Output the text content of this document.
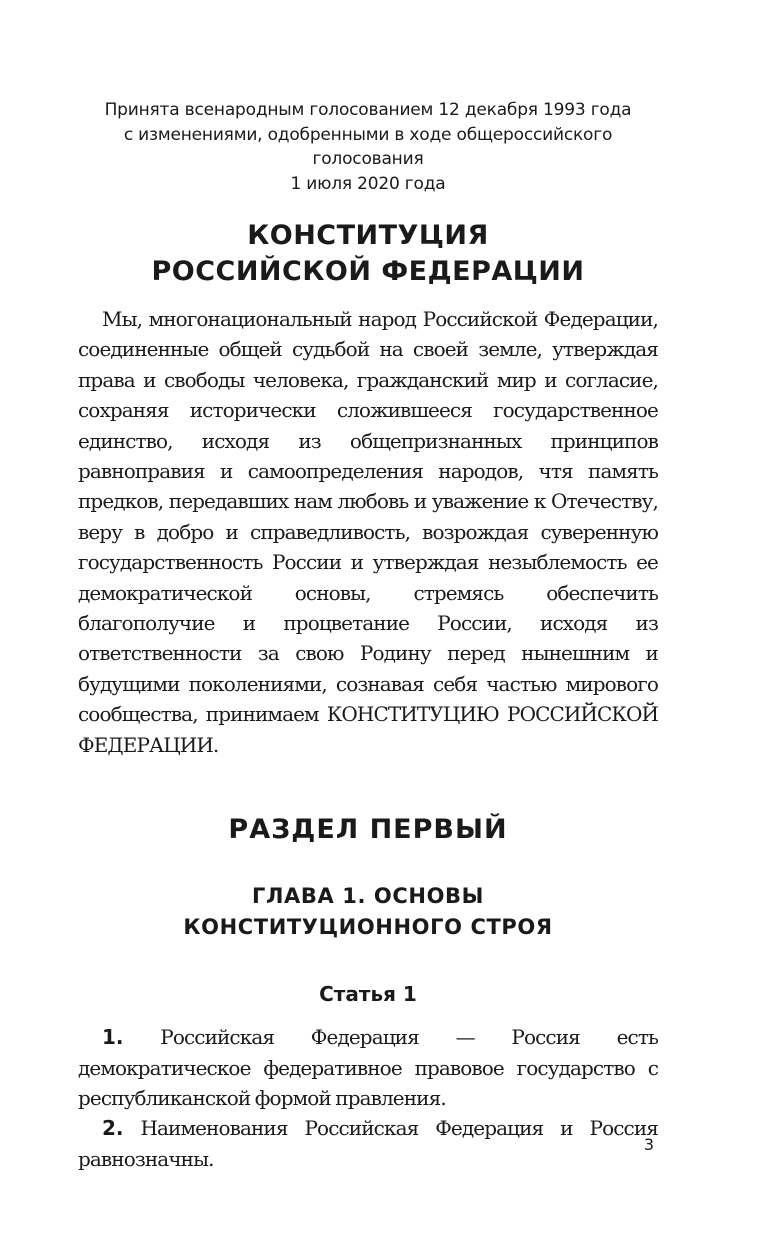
Принята всенародным голосованием 12 декабря 1993 года
с изменениями, одобренными в ходе общероссийского голосования
1 июля 2020 года

КОНСТИТУЦИЯ
РОССИЙСКОЙ ФЕДЕРАЦИИ

Мы, многонациональный народ Российской Федерации, соединенные общей судьбой на своей земле, утверждая права и свободы человека, гражданский мир и согласие, сохраняя исторически сложившееся государственное единство, исходя из общепризнанных принципов равноправия и самоопределения народов, чтя память предков, передавших нам любовь и уважение к Отечеству, веру в добро и справедливость, возрождая суверенную государственность России и утверждая незыблемость ее демократической основы, стремясь обеспечить благополучие и процветание России, исходя из ответственности за свою Родину перед нынешним и будущими поколениями, сознавая себя частью мирового сообщества, принимаем КОНСТИТУЦИЮ РОССИЙСКОЙ ФЕДЕРАЦИИ.

РАЗДЕЛ ПЕРВЫЙ
ГЛАВА 1. ОСНОВЫ
КОНСТИТУЦИОННОГО СТРОЯ
Статья 1

1. Российская Федерация — Россия есть демократическое федеративное правовое государство с республиканской формой правления.

2. Наименования Российская Федерация и Россия равнозначны.

3
